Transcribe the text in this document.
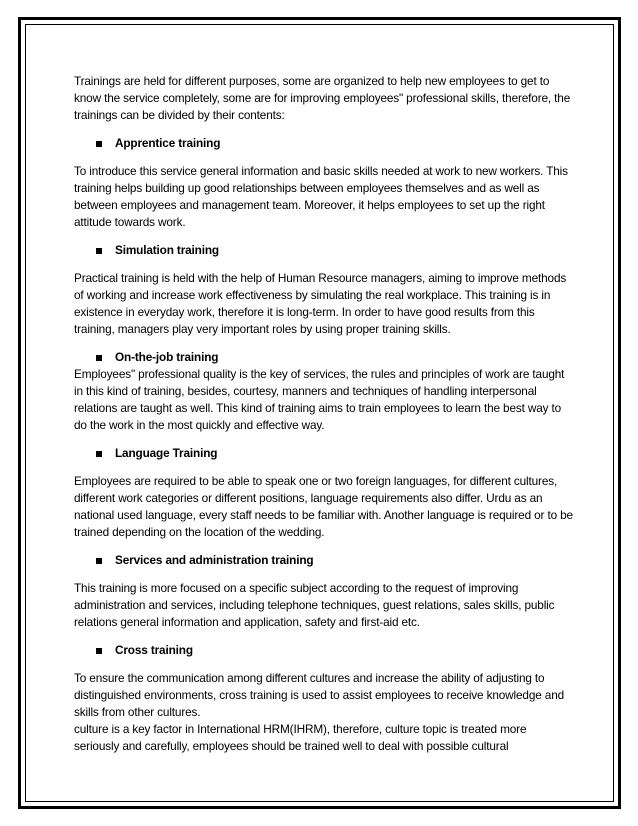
Trainings are held for different purposes, some are organized to help new employees to get to know the service completely, some are for improving employees" professional skills, therefore, the trainings can be divided by their contents:

Apprentice training

To introduce this service general information and basic skills needed at work to new workers. This training helps building up good relationships between employees themselves and as well as between employees and management team. Moreover, it helps employees to set up the right attitude towards work.

Simulation training

Practical training is held with the help of Human Resource managers, aiming to improve methods of working and increase work effectiveness by simulating the real workplace. This training is in existence in everyday work, therefore it is long-term. In order to have good results from this training, managers play very important roles by using proper training skills.

On-the-job training

Employees" professional quality is the key of services, the rules and principles of work are taught in this kind of training, besides, courtesy, manners and techniques of handling interpersonal relations are taught as well. This kind of training aims to train employees to learn the best way to do the work in the most quickly and effective way.

Language Training

Employees are required to be able to speak one or two foreign languages, for different cultures, different work categories or different positions, language requirements also differ. Urdu as an national used language, every staff needs to be familiar with. Another language is required or to be trained depending on the location of the wedding.

Services and administration training

This training is more focused on a specific subject according to the request of improving administration and services, including telephone techniques, guest relations, sales skills, public relations general information and application, safety and first-aid etc.

Cross training

To ensure the communication among different cultures and increase the ability of adjusting to distinguished environments, cross training is used to assist employees to receive knowledge and skills from other cultures.

culture is a key factor in International HRM(IHRM), therefore, culture topic is treated more seriously and carefully, employees should be trained well to deal with possible cultural
